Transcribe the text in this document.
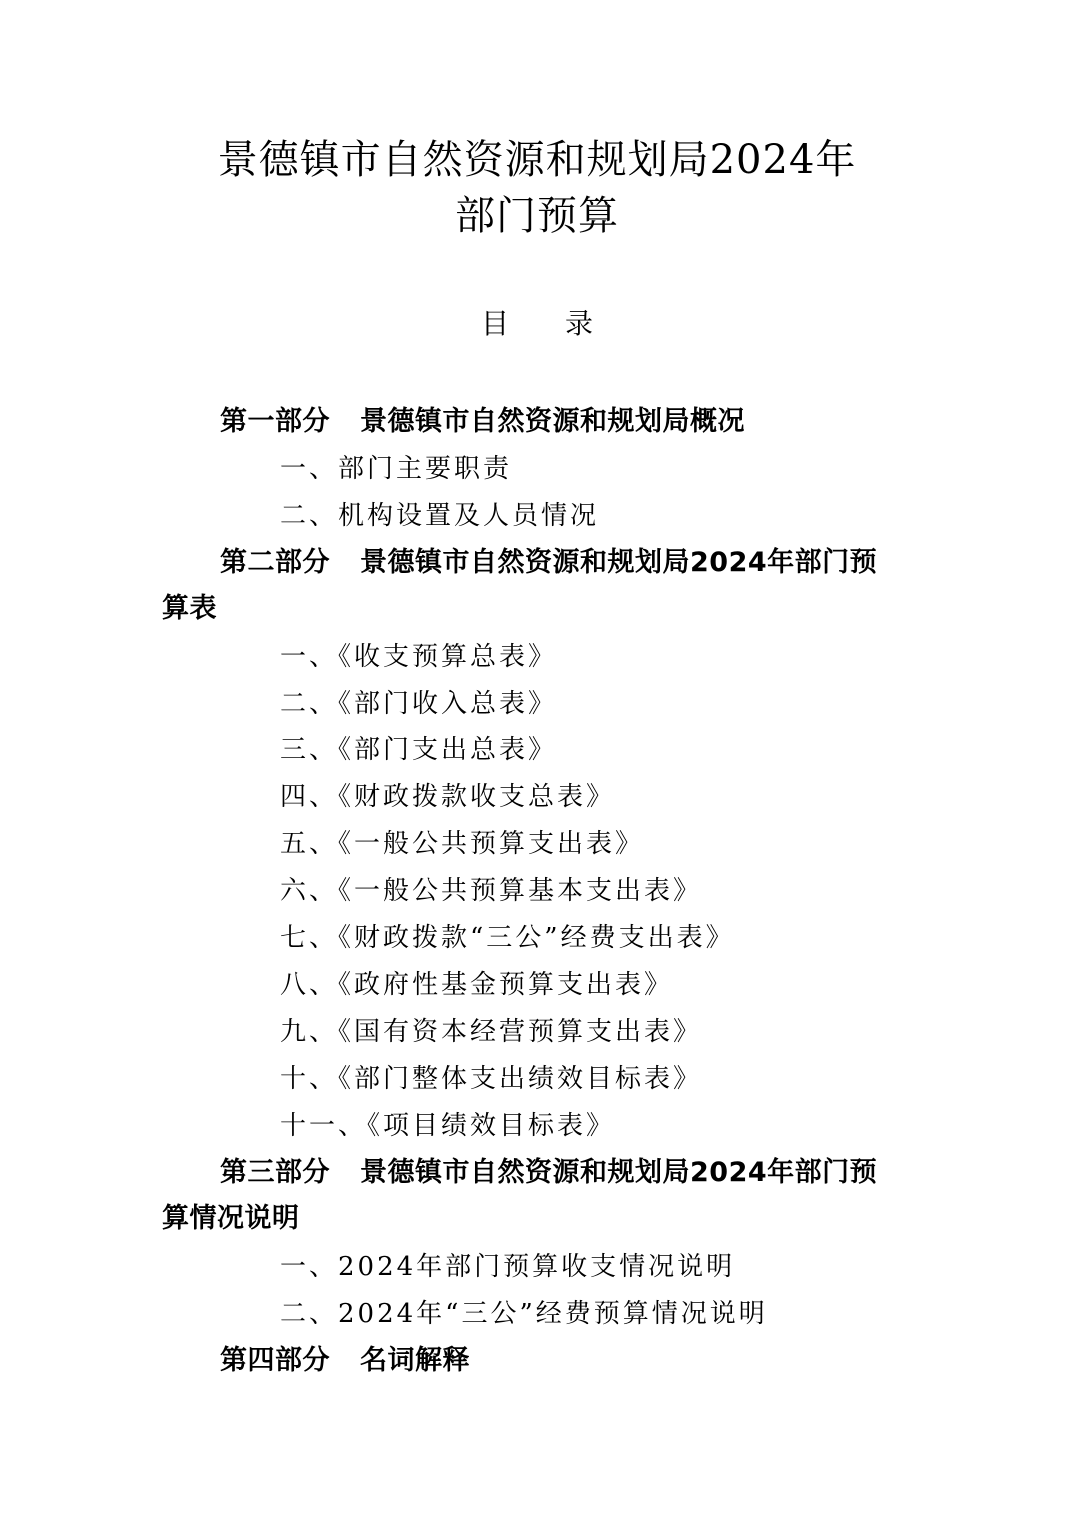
景德镇市自然资源和规划局2024年
部门预算
目录
第一部分 景德镇市自然资源和规划局概况
一、部门主要职责
二、机构设置及人员情况
第二部分 景德镇市自然资源和规划局2024年部门预
算表
一、《收支预算总表》
二、《部门收入总表》
三、《部门支出总表》
四、《财政拨款收支总表》
五、《一般公共预算支出表》
六、《一般公共预算基本支出表》
七、《财政拨款“三公”经费支出表》
八、《政府性基金预算支出表》
九、《国有资本经营预算支出表》
十、《部门整体支出绩效目标表》
十一、《项目绩效目标表》
第三部分 景德镇市自然资源和规划局2024年部门预
算情况说明
一、2024年部门预算收支情况说明
二、2024年“三公”经费预算情况说明
第四部分 名词解释
